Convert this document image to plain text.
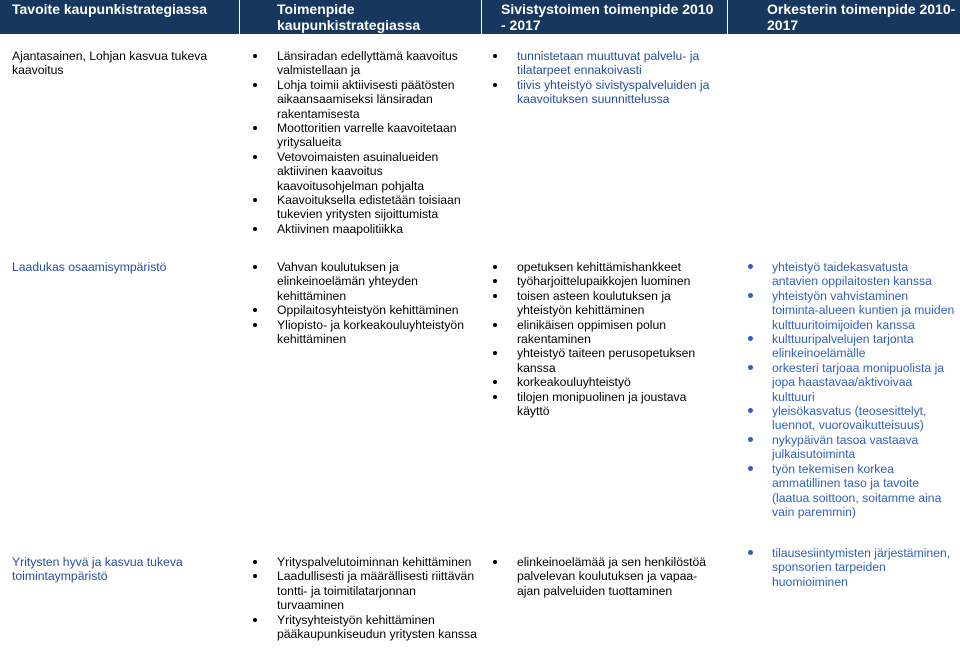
Tavoite kaupunkistrategiassa	Toimenpide kaupunkistrategiassa
Sivistystoimen toimenpide 2010 - 2017
Orkesterin toimenpide 2010-2017
Ajantasainen, Lohjan kasvua tukeva kaavoitus
Länsiradan edellyttämä kaavoitus valmistellaan ja
Lohja toimii aktiivisesti päätösten aikaansaamiseksi länsiradan rakentamisesta
Moottoritien varrelle kaavoitetaan yritysalueita
Vetovoimaisten asuinalueiden aktiivinen kaavoitus kaavoitusohjelman pohjalta
Kaavoituksella edistetään toisiaan tukevien yritysten sijoittumista
Aktiivinen maapolitiikka
tunnistetaan muuttuvat palvelu- ja tilatarpeet ennakoivasti
tiivis yhteistyö sivistyspalveluiden ja kaavoituksen suunnittelussa
Laadukas osaamisympäristö	Vahvan koulutuksen ja elinkeinoelämän yhteyden kehittäminen
Oppilaitosyhteistyön kehittäminen
Yliopisto- ja korkeakouluyhteistyön kehittäminen
opetuksen kehittämishankkeet
työharjoittelupaikkojen luominen
toisen asteen koulutuksen ja yhteistyön kehittäminen
elinikäisen oppimisen polun rakentaminen
yhteistyö taiteen perusopetuksen kanssa
korkeakouluyhteistyö
tilojen monipuolinen ja joustava käyttö
yhteistyö taidekasvatusta antavien oppilaitosten kanssa
yhteistyön vahvistaminen toiminta-alueen kuntien ja muiden kulttuuritoimijoiden kanssa
kulttuuripalvelujen tarjonta elinkeinoelämälle
orkesteri tarjoaa monipuolista ja jopa haastavaa/aktivoivaa kulttuuri
yleisökasvatus (teosesittelyt, luennot, vuorovaikutteisuus)
nykypäivän tasoa vastaava julkaisutoiminta
työn tekemisen korkea ammatillinen taso ja tavoite (laatua soittoon, soitamme aina vain paremmin)
Yritysten hyvä ja kasvua tukeva toimintaympäristö
Yrityspalvelutoiminnan kehittäminen
Laadullisesti ja määrällisesti riittävän tontti- ja toimitilatarjonnan turvaaminen
Yritysyhteistyön kehittäminen pääkaupunkiseudun yritysten kanssa
elinkeinoelämää ja sen henkilöstöä palvelevan koulutuksen ja vapaa-ajan palveluiden tuottaminen
tilausesiintymisten järjestäminen, sponsorien tarpeiden huomioiminen
